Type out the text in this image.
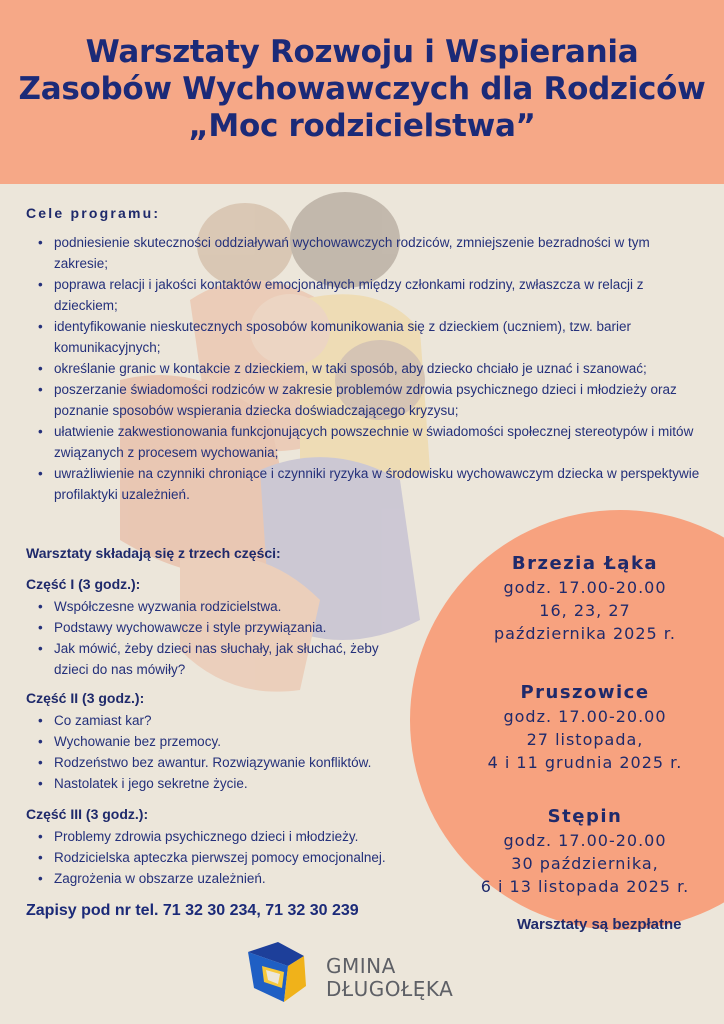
Warsztaty Rozwoju i Wspierania
Zasobów Wychowawczych dla Rodziców
„Moc rodzicielstwa”
Cele programu:
• podniesienie skuteczności oddziaływań wychowawczych rodziców, zmniejszenie bezradności w tym zakresie;
• poprawa relacji i jakości kontaktów emocjonalnych między członkami rodziny, zwłaszcza w relacji z dzieckiem;
• identyfikowanie nieskutecznych sposobów komunikowania się z dzieckiem (uczniem), tzw. barier komunikacyjnych;
• określanie granic w kontakcie z dzieckiem, w taki sposób, aby dziecko chciało je uznać i szanować;
• poszerzanie świadomości rodziców w zakresie problemów zdrowia psychicznego dzieci i młodzieży oraz poznanie sposobów wspierania dziecka doświadczającego kryzysu;
• ułatwienie zakwestionowania funkcjonujących powszechnie w świadomości społecznej stereotypów i mitów związanych z procesem wychowania;
• uwrażliwienie na czynniki chroniące i czynniki ryzyka w środowisku wychowawczym dziecka w perspektywie profilaktyki uzależnień.
Warsztaty składają się z trzech części:
Część I (3 godz.):
• Współczesne wyzwania rodzicielstwa.
• Podstawy wychowawcze i style przywiązania.
• Jak mówić, żeby dzieci nas słuchały, jak słuchać, żeby dzieci do nas mówiły?
Część II (3 godz.):
• Co zamiast kar?
• Wychowanie bez przemocy.
• Rodzeństwo bez awantur. Rozwiązywanie konfliktów.
• Nastolatek i jego sekretne życie.
Część III (3 godz.):
• Problemy zdrowia psychicznego dzieci i młodzieży.
• Rodzicielska apteczka pierwszej pomocy emocjonalnej.
• Zagrożenia w obszarze uzależnień.
Zapisy pod nr tel. 71 32 30 234, 71 32 30 239
Brzezia Łąka
godz. 17.00-20.00
16, 23, 27
października 2025 r.
Pruszowice
godz. 17.00-20.00
27 listopada,
4 i 11 grudnia 2025 r.
Stępin
godz. 17.00-20.00
30 października,
6 i 13 listopada 2025 r.
Warsztaty są bezpłatne
GMINA
DŁUGOŁĘKA
